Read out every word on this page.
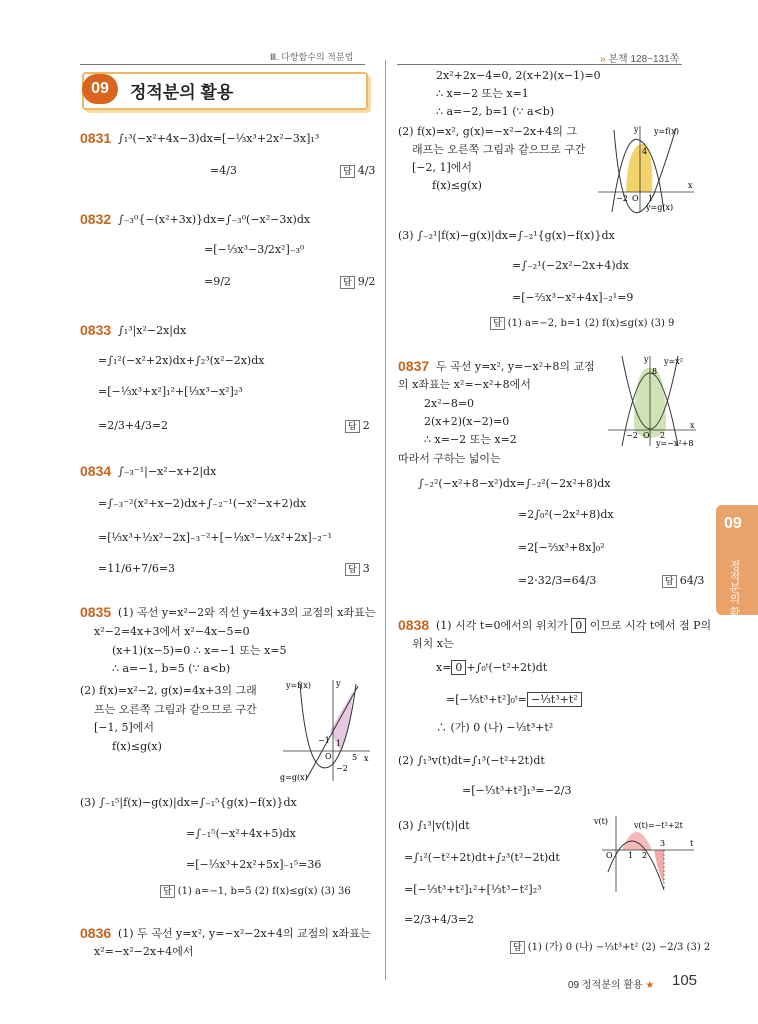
Ⅲ. 다항함수의 적분법	» 본책 128~131쪽
09	정적분의 활용
09
정적분의 활용
0831 ∫₁³(−x²+4x−3)dx=[−⅓x³+2x²−3x]₁³
=4/3	답 4/3
0832 ∫₋₃⁰{−(x²+3x)}dx=∫₋₃⁰(−x²−3x)dx
=[−⅓x³−3/2x²]₋₃⁰
=9/2	답 9/2
0833 ∫₁³|x²−2x|dx
=∫₁²(−x²+2x)dx+∫₂³(x²−2x)dx
=[−⅓x³+x²]₁²+[⅓x³−x²]₂³
=2/3+4/3=2	답 2
0834 ∫₋₃⁻¹|−x²−x+2|dx
=∫₋₃⁻²(x²+x−2)dx+∫₋₂⁻¹(−x²−x+2)dx
=[⅓x³+½x²−2x]₋₃⁻²+[−⅓x³−½x²+2x]₋₂⁻¹
=11/6+7/6=3	답 3
0835 (1) 곡선 y=x²−2와 직선 y=4x+3의 교점의 x좌표는
x²−2=4x+3에서 x²−4x−5=0
(x+1)(x−5)=0 ∴ x=−1 또는 x=5
∴ a=−1, b=5 (∵ a<b)
(2) f(x)=x²−2, g(x)=4x+3의 그래
프는 오른쪽 그림과 같으므로 구간
[−1, 5]에서
f(x)≤g(x)
y=f(x)	y
x
O
−1
5
−2
1
g=g(x)
(3) ∫₋₁⁵|f(x)−g(x)|dx=∫₋₁⁵{g(x)−f(x)}dx
=∫₋₁⁵(−x²+4x+5)dx
=[−⅓x³+2x²+5x]₋₁⁵=36
답 (1) a=−1, b=5 (2) f(x)≤g(x) (3) 36
0836 (1) 두 곡선 y=x², y=−x²−2x+4의 교점의 x좌표는
x²=−x²−2x+4에서
2x²+2x−4=0, 2(x+2)(x−1)=0
∴ x=−2 또는 x=1
∴ a=−2, b=1 (∵ a<b)
(2) f(x)=x², g(x)=−x²−2x+4의 그
래프는 오른쪽 그림과 같으므로 구간
[−2, 1]에서
f(x)≤g(x)
y=f(x)
y
x
O
−2	1
4
y=g(x)
(3) ∫₋₂¹|f(x)−g(x)|dx=∫₋₂¹{g(x)−f(x)}dx
=∫₋₂¹(−2x²−2x+4)dx
=[−⅔x³−x²+4x]₋₂¹=9
답 (1) a=−2, b=1 (2) f(x)≤g(x) (3) 9
0837 두 곡선 y=x², y=−x²+8의 교점
의 x좌표는 x²=−x²+8에서
2x²−8=0
2(x+2)(x−2)=0
∴ x=−2 또는 x=2
따라서 구하는 넓이는
y=x²
y
x
O
−2	2
8
y=−x²+8
∫₋₂²(−x²+8−x²)dx=∫₋₂²(−2x²+8)dx
=2∫₀²(−2x²+8)dx
=2[−⅔x³+8x]₀²
=2·32/3=64/3	답 64/3
0838 (1) 시각 t=0에서의 위치가 0 이므로 시각 t에서 점 P의
위치 x는
x= 0 +∫₀ᵗ(−t²+2t)dt
=[−⅓t³+t²]₀ᵗ= −⅓t³+t²
∴ (가) 0 (나) −⅓t³+t²
(2) ∫₁³v(t)dt=∫₁³(−t²+2t)dt
=[−⅓t³+t²]₁³=−2/3
(3) ∫₁³|v(t)|dt
=∫₁²(−t²+2t)dt+∫₂³(t²−2t)dt
=[−⅓t³+t²]₁²+[⅓t³−t²]₂³
=2/3+4/3=2
v(t)	v(t)=−t²+2t
t
O 1 2
3
답 (1) (가) 0 (나) −⅓t³+t² (2) −2/3 (3) 2
09 정적분의 활용 ★ 105
